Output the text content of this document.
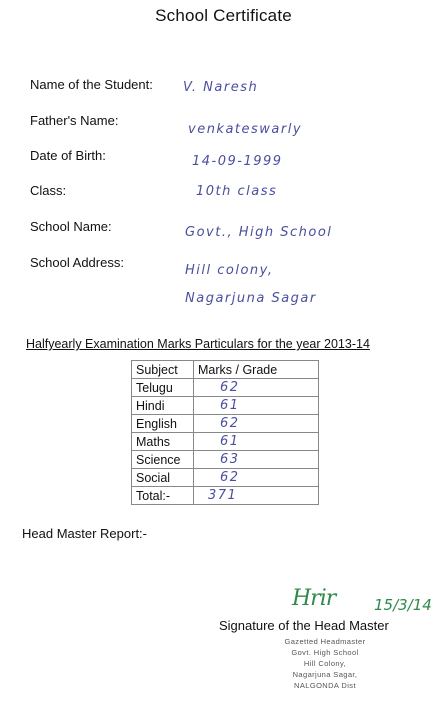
School Certificate
Name of the Student: V. Naresh
Father's Name:
venkateswarly
Date of Birth:	14-09-1999
Class:	10th class
School Name:	Govt., High School
School Address:
Hill colony,
Nagarjuna Sagar
Halfyearly Examination Marks Particulars for the year 2013-14
Subject	Marks / Grade
Telugu	62
Hindi	61
English	62
Maths	61
Science	63
Social	62
Total:-	371
Head Master Report:-
Hrir	15/3/14
Signature of the Head Master
Gazetted Headmaster
Govt. High School
Hill Colony,
Nagarjuna Sagar,
NALGONDA Dist
